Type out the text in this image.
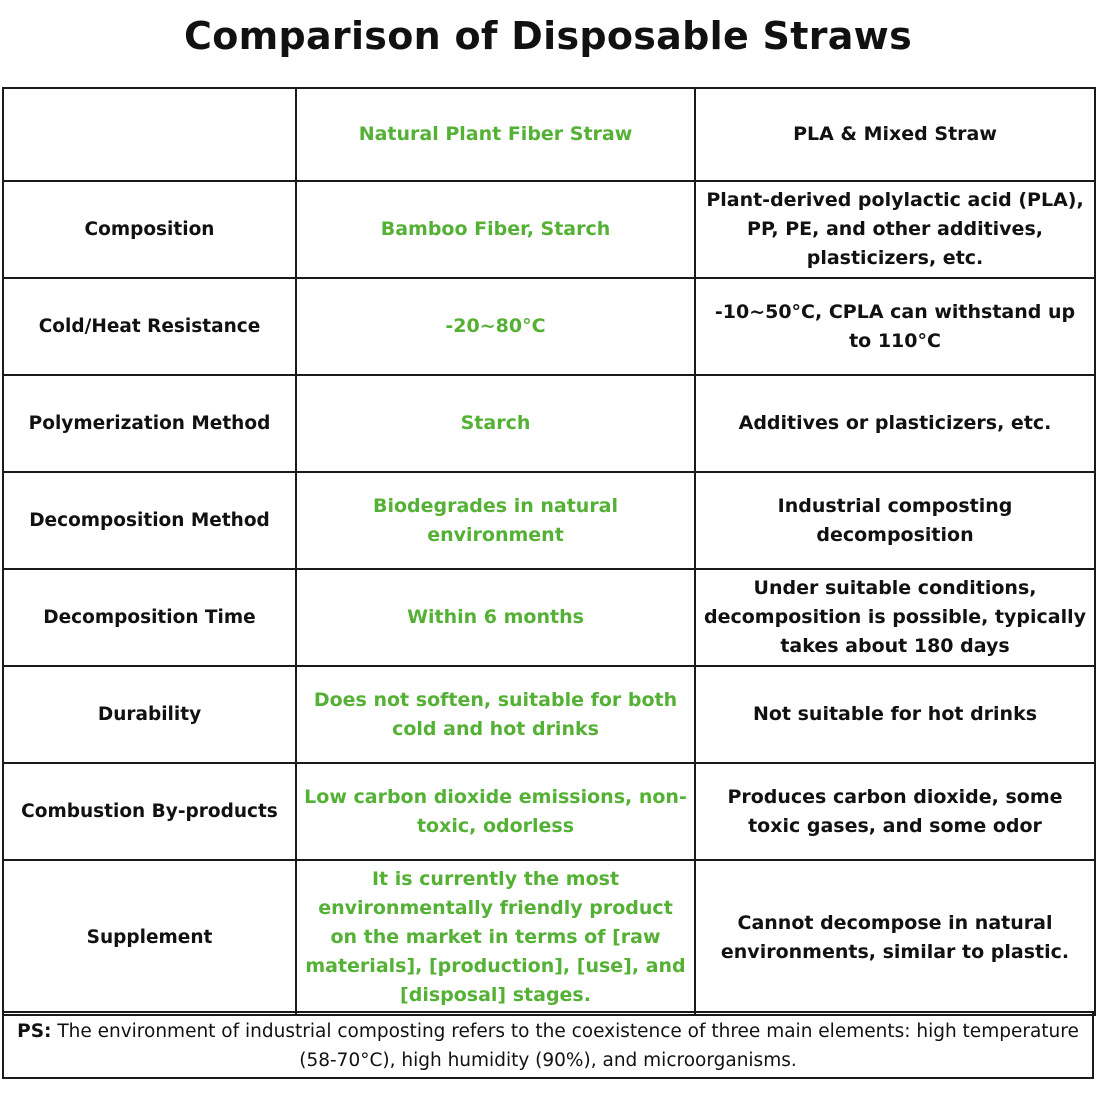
Comparison of Disposable Straws
	Natural Plant Fiber Straw	PLA & Mixed Straw
Composition	Bamboo Fiber, Starch	Plant-derived polylactic acid (PLA), PP, PE, and other additives, plasticizers, etc.
Cold/Heat Resistance	-20~80°C	-10~50°C, CPLA can withstand up to 110°C
Polymerization Method	Starch	Additives or plasticizers, etc.
Decomposition Method	Biodegrades in natural environment	Industrial composting decomposition
Decomposition Time	Within 6 months	Under suitable conditions, decomposition is possible, typically takes about 180 days
Durability	Does not soften, suitable for both cold and hot drinks	Not suitable for hot drinks
Combustion By-products	Low carbon dioxide emissions, non-toxic, odorless	Produces carbon dioxide, some toxic gases, and some odor
Supplement	It is currently the most environmentally friendly product on the market in terms of [raw materials], [production], [use], and [disposal] stages.	Cannot decompose in natural environments, similar to plastic.
PS: The environment of industrial composting refers to the coexistence of three main elements: high temperature (58-70°C), high humidity (90%), and microorganisms.
